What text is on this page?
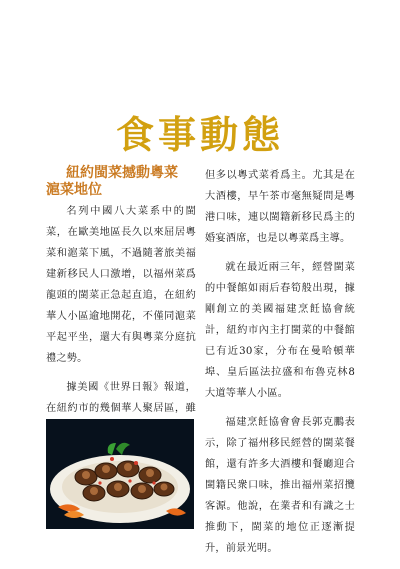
食事動態
紐約閩菜撼動粵菜
滬菜地位

名列中國八大菜系中的閩菜，在歐美地區長久以來屈居粵菜和滬菜下風，不過隨著旅美福建新移民人口激增，以福州菜爲龍頭的閩菜正急起直追，在紐約華人小區逾地開花，不僅同滬菜平起平坐，還大有與粵菜分庭抗禮之勢。

據美國《世界日報》報道，在紐約市的幾個華人聚居區，雖

但多以粵式菜肴爲主。尤其是在大酒樓，早午茶市毫無疑問是粵港口味，連以閩籍新移民爲主的婚宴酒席，也是以粵菜爲主導。

就在最近兩三年，經營閩菜的中餐館如雨后春筍般出現，據剛創立的美國福建烹飪協會統計，紐約市內主打閩菜的中餐館已有近30家，分布在曼哈頓華埠、皇后區法拉盛和布魯克林8大道等華人小區。

福建烹飪協會會長郭克鵬表示，除了福州移民經營的閩菜餐館，還有許多大酒樓和餐廳迎合閩籍民衆口味，推出福州菜招攬客源。他說，在業者和有識之士推動下，閩菜的地位正逐漸提升，前景光明。
